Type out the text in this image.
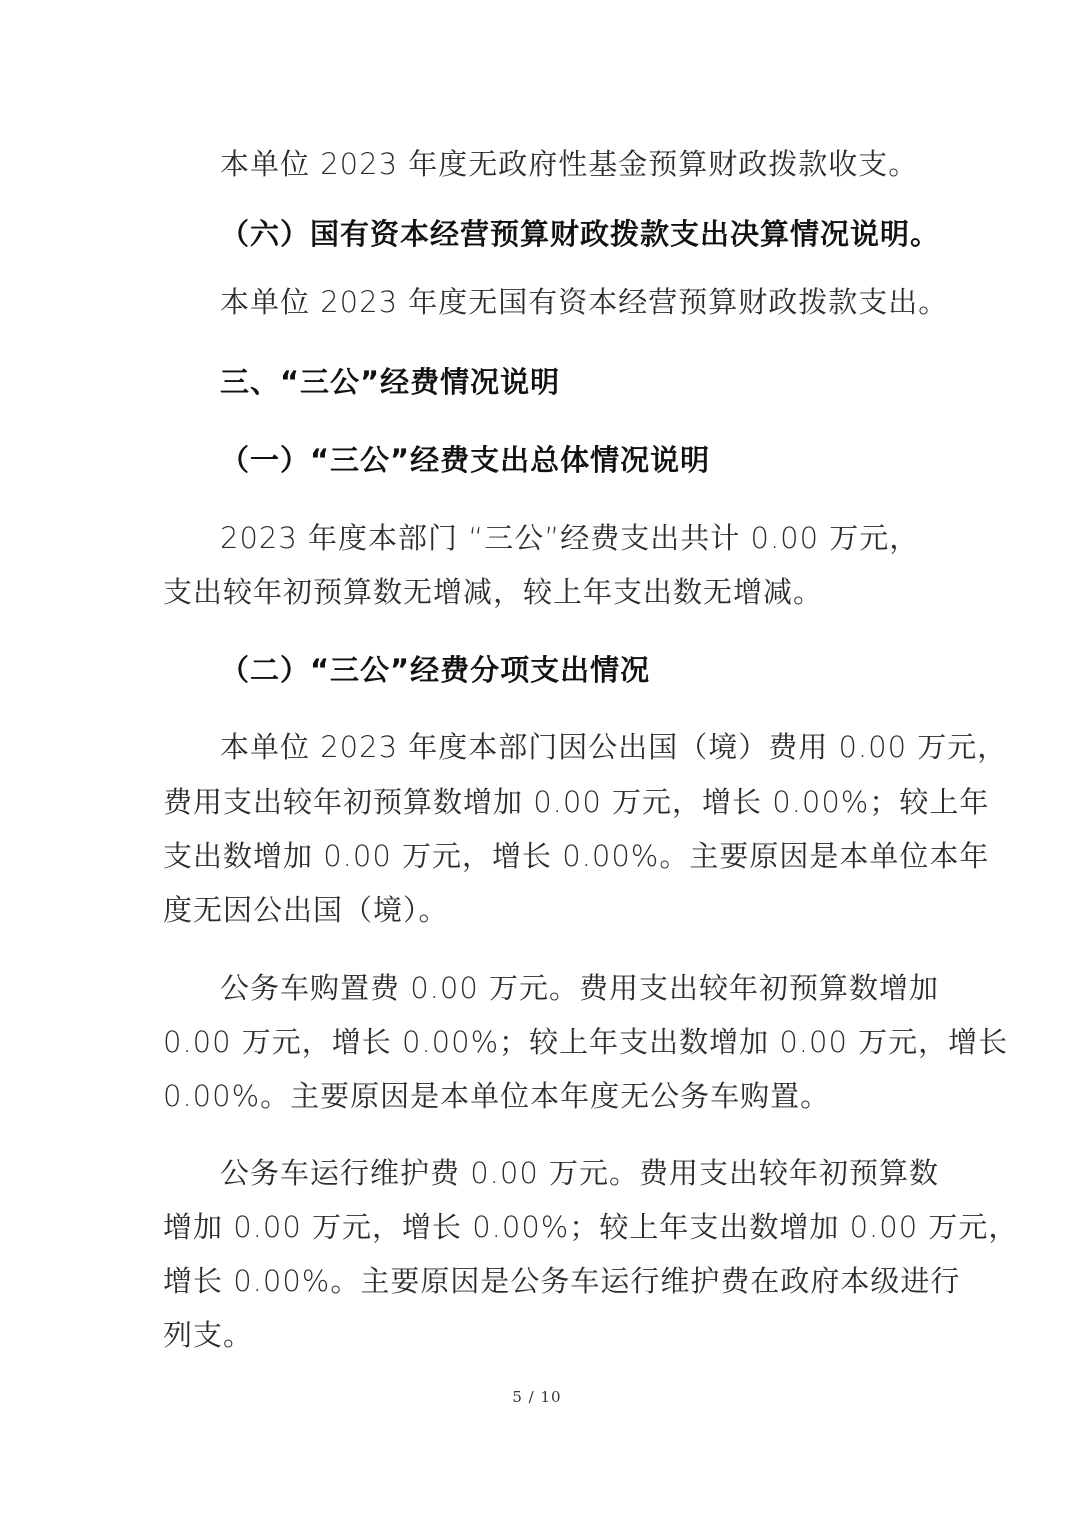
本单位 2023 年度无政府性基金预算财政拨款收支。
（六）国有资本经营预算财政拨款支出决算情况说明。
本单位 2023 年度无国有资本经营预算财政拨款支出。
三、“三公”经费情况说明
（一）“三公”经费支出总体情况说明
2023 年度本部门 “三公”经费支出共计 0.00 万元，
支出较年初预算数无增减，较上年支出数无增减。
（二）“三公”经费分项支出情况
本单位 2023 年度本部门因公出国（境）费用 0.00 万元，
费用支出较年初预算数增加 0.00 万元，增长 0.00%；较上年
支出数增加 0.00 万元，增长 0.00%。主要原因是本单位本年
度无因公出国（境）。
公务车购置费 0.00 万元。费用支出较年初预算数增加
0.00 万元，增长 0.00%；较上年支出数增加 0.00 万元，增长
0.00%。主要原因是本单位本年度无公务车购置。
公务车运行维护费 0.00 万元。费用支出较年初预算数
增加 0.00 万元，增长 0.00%；较上年支出数增加 0.00 万元，
增长 0.00%。主要原因是公务车运行维护费在政府本级进行
列支。
5 / 10
